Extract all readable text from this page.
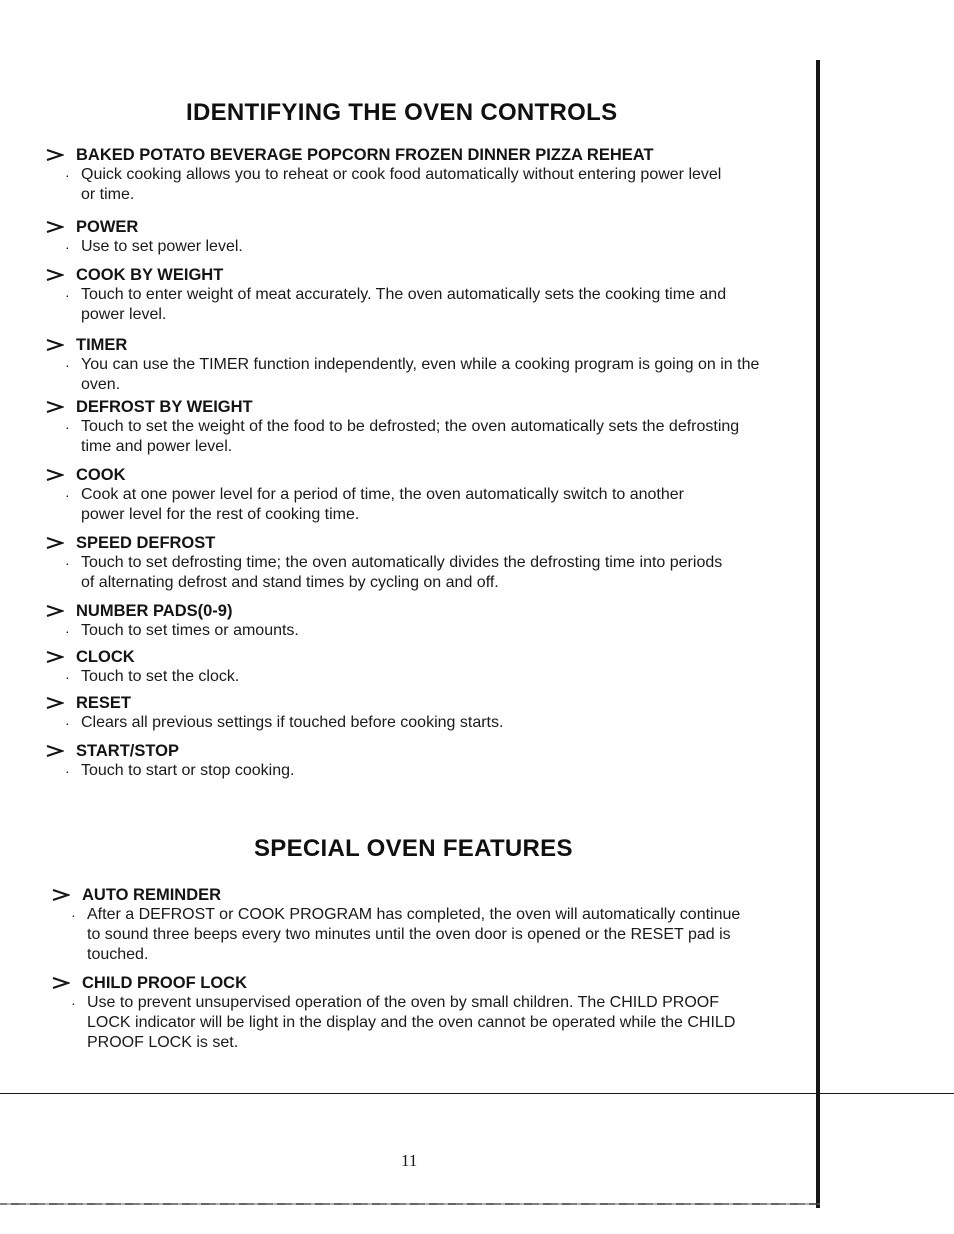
IDENTIFYING THE OVEN CONTROLS
BAKED POTATO BEVERAGE POPCORN FROZEN DINNER PIZZA REHEAT
· Quick cooking allows you to reheat or cook food automatically without entering power level or time.
POWER
· Use to set power level.
COOK BY WEIGHT
· Touch to enter weight of meat accurately. The oven automatically sets the cooking time and power level.
TIMER
· You can use the TIMER function independently, even while a cooking program is going on in the oven.
DEFROST BY WEIGHT
· Touch to set the weight of the food to be defrosted; the oven automatically sets the defrosting time and power level.
COOK
· Cook at one power level for a period of time, the oven automatically switch to another power level for the rest of cooking time.
SPEED DEFROST
· Touch to set defrosting time; the oven automatically divides the defrosting time into periods of alternating defrost and stand times by cycling on and off.
NUMBER PADS(0-9)
· Touch to set times or amounts.
CLOCK
· Touch to set the clock.
RESET
· Clears all previous settings if touched before cooking starts.
START/STOP
· Touch to start or stop cooking.
SPECIAL OVEN FEATURES
AUTO REMINDER
· After a DEFROST or COOK PROGRAM has completed, the oven will automatically continue to sound three beeps every two minutes until the oven door is opened or the RESET pad is touched.
CHILD PROOF LOCK
· Use to prevent unsupervised operation of the oven by small children. The CHILD PROOF LOCK indicator will be light in the display and the oven cannot be operated while the CHILD PROOF LOCK is set.
11
